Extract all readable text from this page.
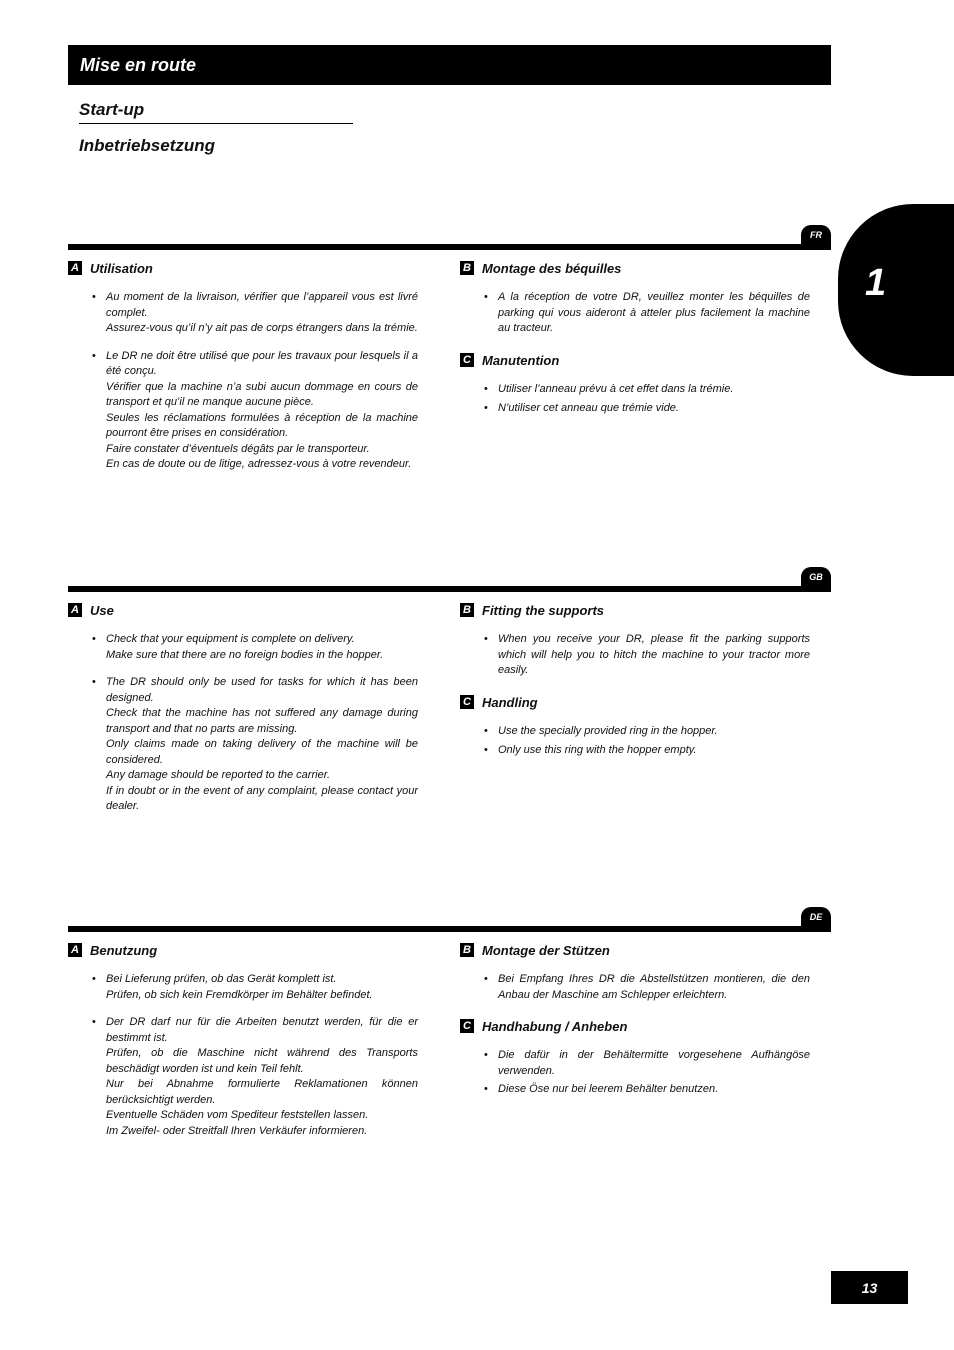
Mise en route
Start-up
Inbetriebsetzung
1
FR
A Utilisation
• Au moment de la livraison, vérifier que l’appareil vous est livré complet.

Assurez-vous qu’il n’y ait pas de corps étrangers dans la trémie.

• Le DR ne doit être utilisé que pour les travaux pour lesquels il a été conçu.

Vérifier que la machine n’a subi aucun dommage en cours de transport et qu’il ne manque aucune pièce.

Seules les réclamations formulées à réception de la machine pourront être prises en considération.

Faire constater d’éventuels dégâts par le transporteur.

En cas de doute ou de litige, adressez-vous à votre revendeur.

B Montage des béquilles
• A la réception de votre DR, veuillez monter les béquilles de parking qui vous aideront à atteler plus facilement la machine au tracteur.

C Manutention
• Utiliser l’anneau prévu à cet effet dans la trémie.

• N’utiliser cet anneau que trémie vide.

GB
A Use
• Check that your equipment is complete on delivery.

Make sure that there are no foreign bodies in the hopper.

• The DR should only be used for tasks for which it has been designed.

Check that the machine has not suffered any damage during transport and that no parts are missing.

Only claims made on taking delivery of the machine will be considered.

Any damage should be reported to the carrier.

If in doubt or in the event of any complaint, please contact your dealer.

B Fitting the supports
• When you receive your DR, please fit the parking supports which will help you to hitch the machine to your tractor more easily.

C Handling
• Use the specially provided ring in the hopper.

• Only use this ring with the hopper empty.

DE
A Benutzung
• Bei Lieferung prüfen, ob das Gerät komplett ist.

Prüfen, ob sich kein Fremdkörper im Behälter befindet.

• Der DR darf nur für die Arbeiten benutzt werden, für die er bestimmt ist.

Prüfen, ob die Maschine nicht während des Transports beschädigt worden ist und kein Teil fehlt.

Nur bei Abnahme formulierte Reklamationen können berücksichtigt werden.

Eventuelle Schäden vom Spediteur feststellen lassen.

Im Zweifel- oder Streitfall Ihren Verkäufer informieren.

B Montage der Stützen
• Bei Empfang Ihres DR die Abstellstützen montieren, die den Anbau der Maschine am Schlepper erleichtern.

C Handhabung / Anheben
• Die dafür in der Behältermitte vorgesehene Aufhängöse verwenden.

• Diese Öse nur bei leerem Behälter benutzen.

13
